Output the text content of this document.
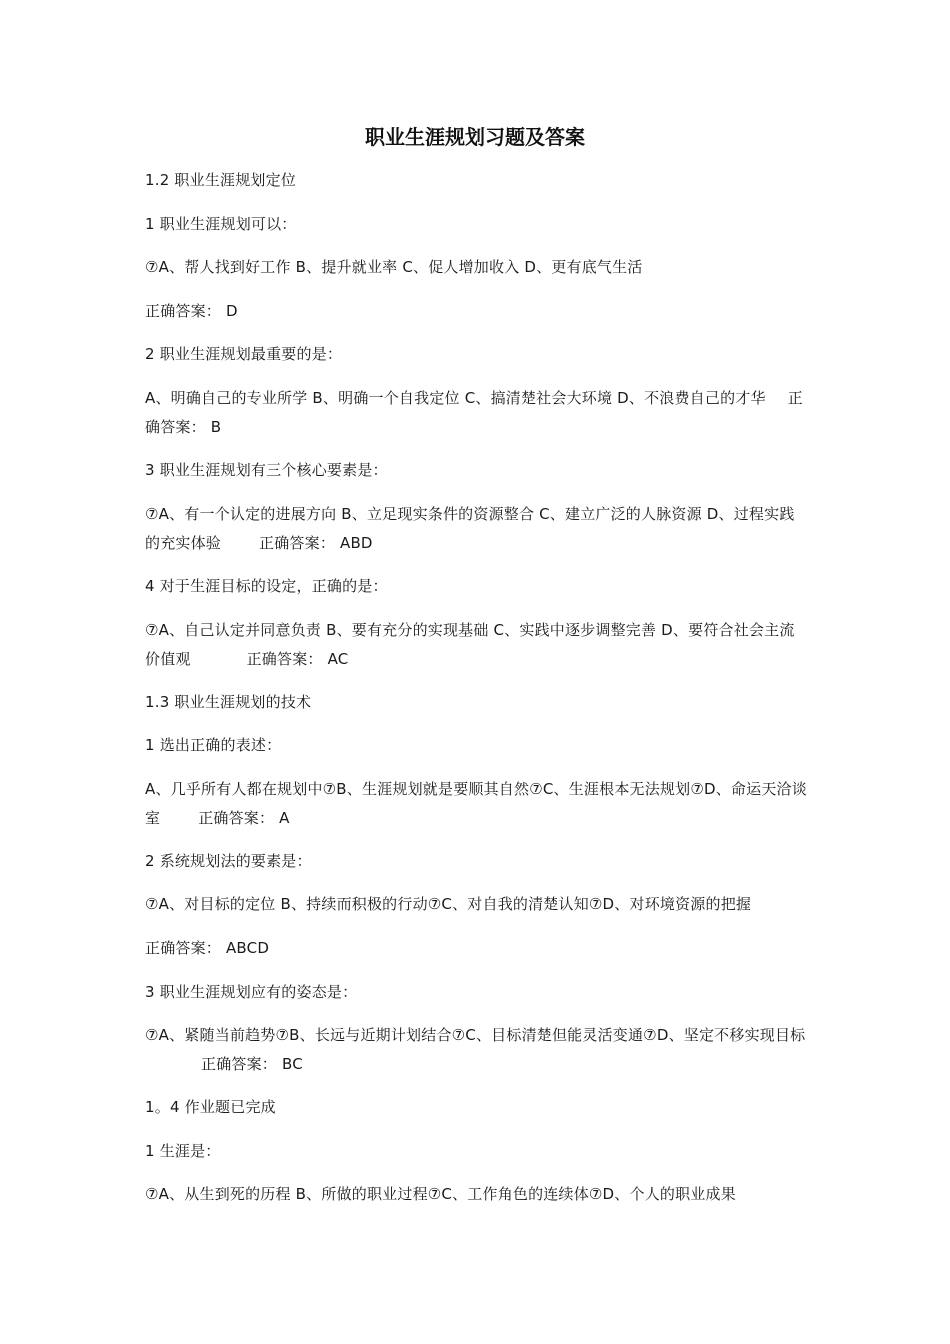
职业生涯规划习题及答案
1.2 职业生涯规划定位
1 职业生涯规划可以：
⑦A、帮人找到好工作 B、提升就业率 C、促人增加收入 D、更有底气生活
正确答案： D
2 职业生涯规划最重要的是：
A、明确自己的专业所学 B、明确一个自我定位 C、搞清楚社会大环境 D、不浪费自己的才华 正确答案： B
3 职业生涯规划有三个核心要素是：
⑦A、有一个认定的进展方向 B、立足现实条件的资源整合 C、建立广泛的人脉资源 D、过程实践的充实体验	正确答案： ABD
4 对于生涯目标的设定，正确的是：
⑦A、自己认定并同意负责 B、要有充分的实现基础 C、实践中逐步调整完善 D、要符合社会主流价值观	正确答案： AC
1.3 职业生涯规划的技术
1 选出正确的表述：
A、几乎所有人都在规划中⑦B、生涯规划就是要顺其自然⑦C、生涯根本无法规划⑦D、命运天洽谈室	正确答案： A
2 系统规划法的要素是：
⑦A、对目标的定位 B、持续而积极的行动⑦C、对自我的清楚认知⑦D、对环境资源的把握
正确答案： ABCD
3 职业生涯规划应有的姿态是：
⑦A、紧随当前趋势⑦B、长远与近期计划结合⑦C、目标清楚但能灵活变通⑦D、坚定不移实现目标正确答案： BC
1。4 作业题已完成
1 生涯是：
⑦A、从生到死的历程 B、所做的职业过程⑦C、工作角色的连续体⑦D、个人的职业成果
